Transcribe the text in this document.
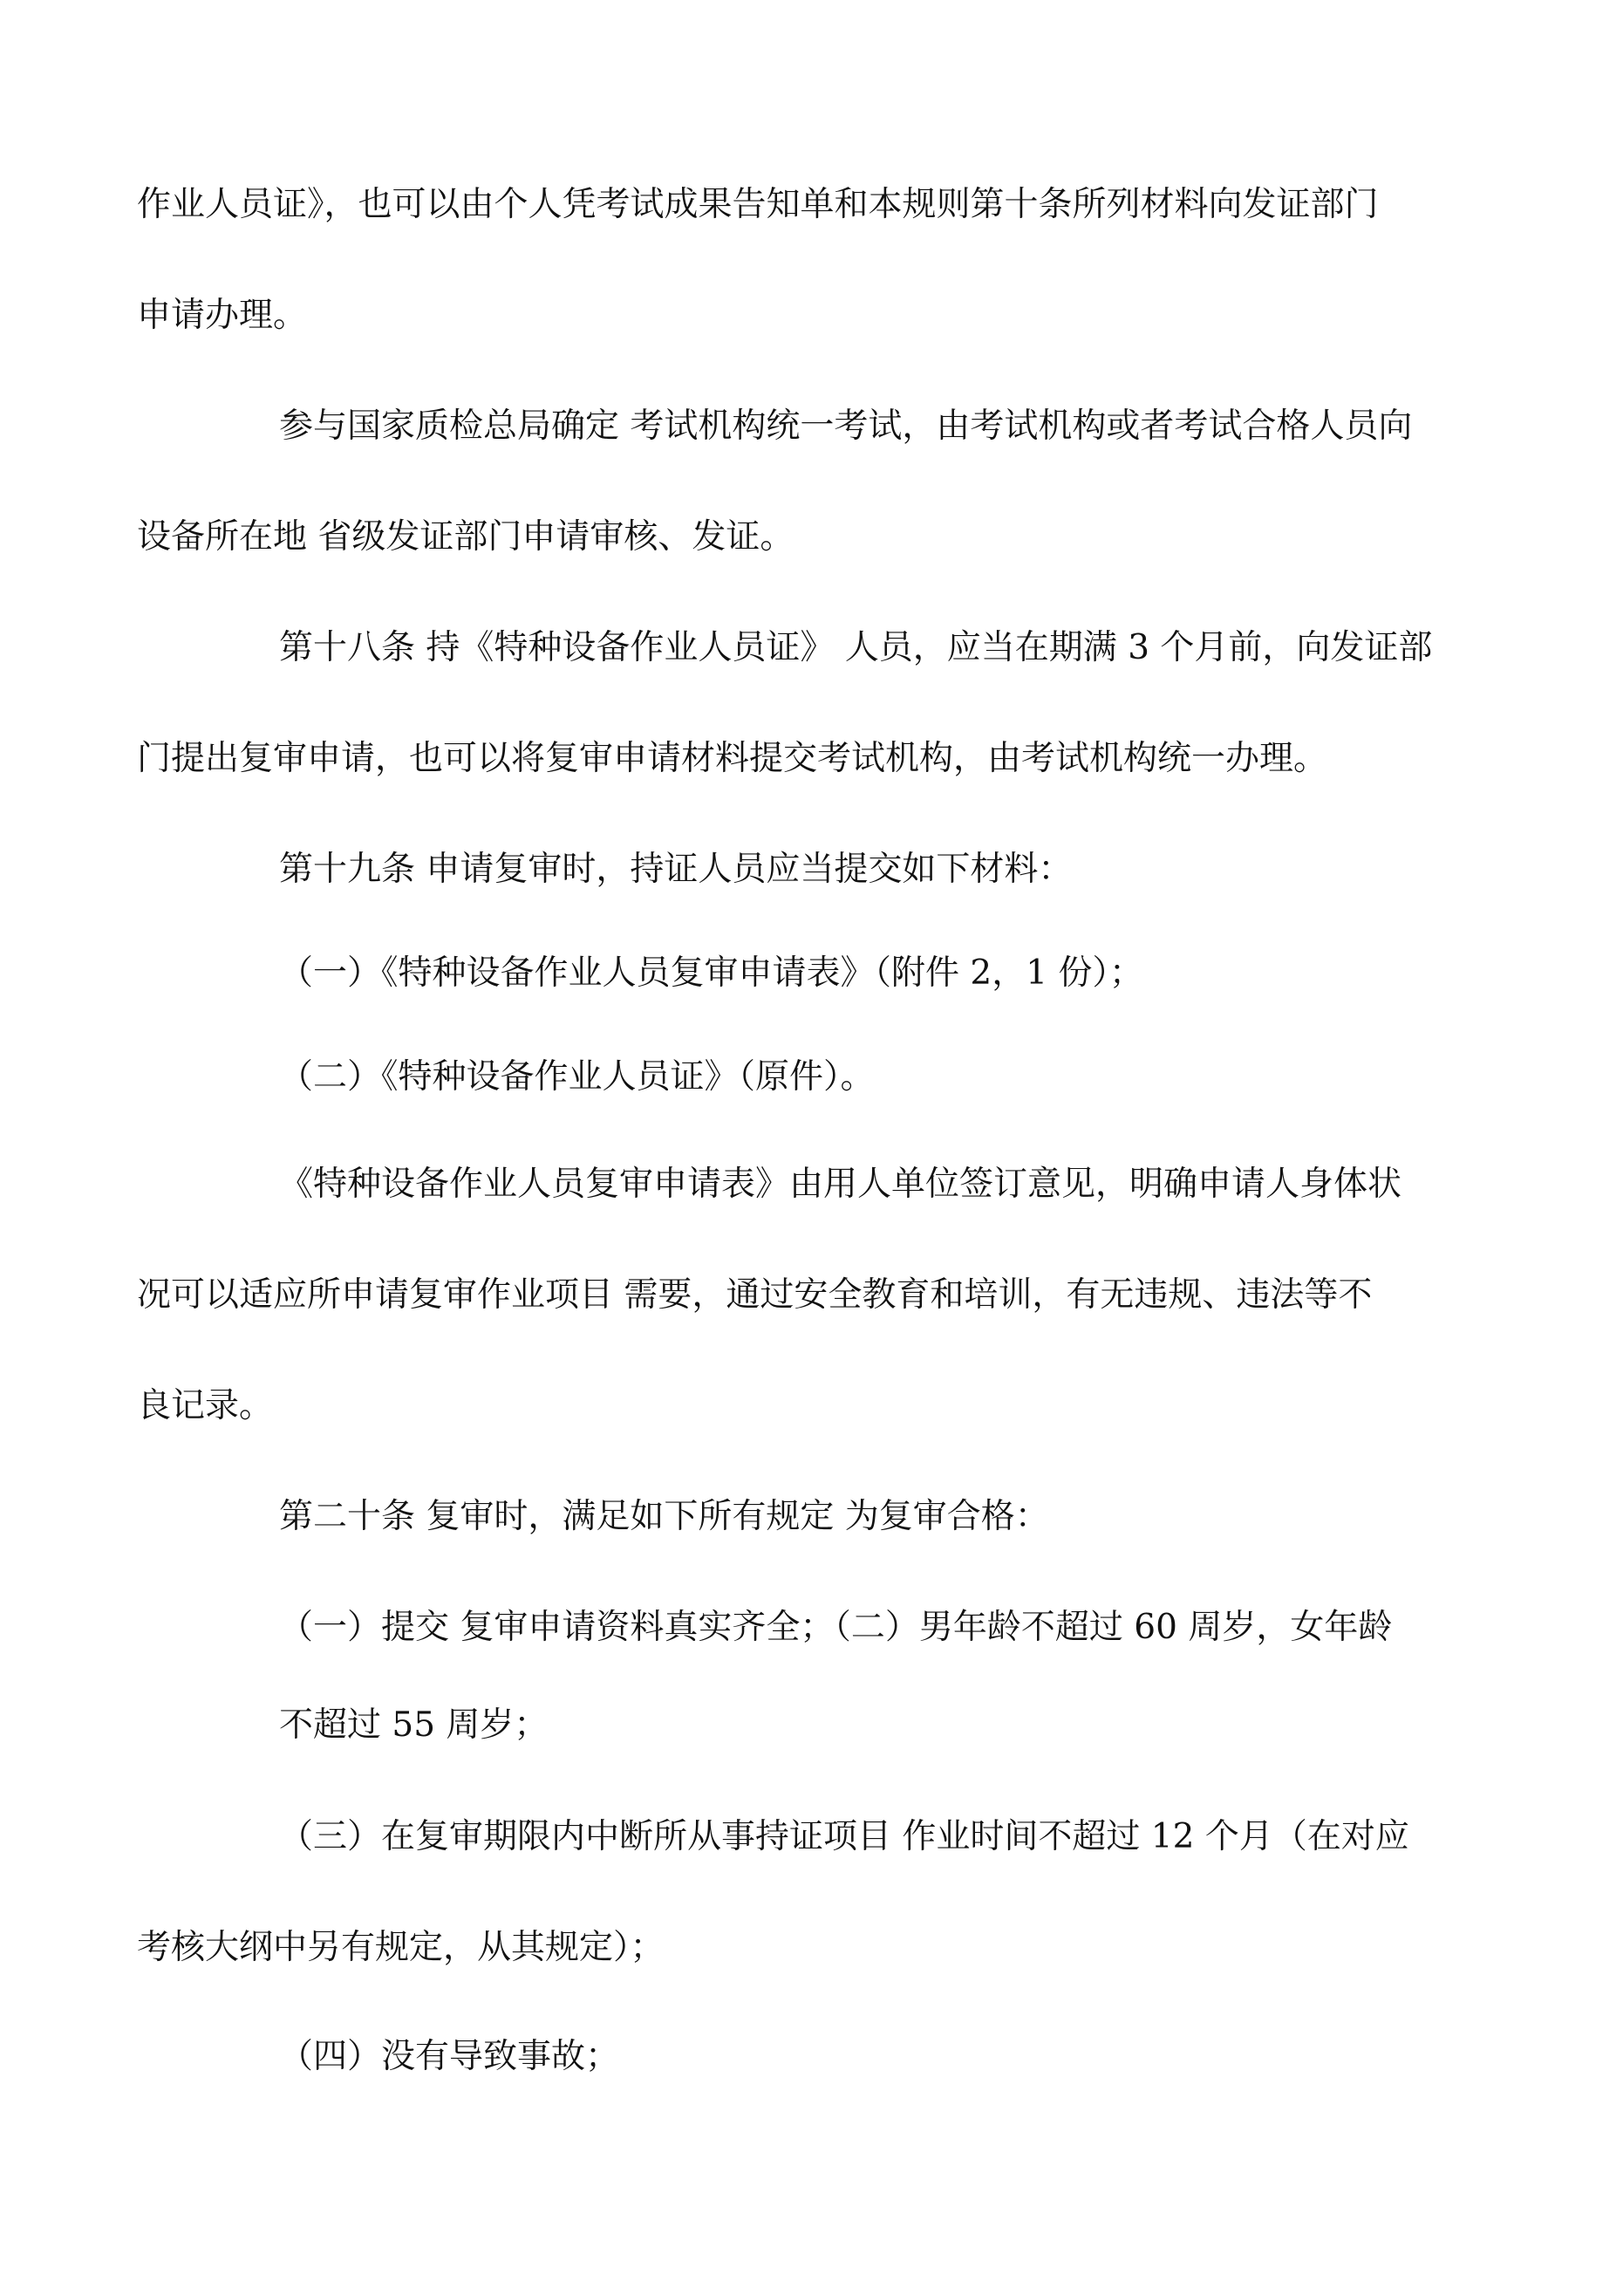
作业人员证》，也可以由个人凭考试成果告知单和本规则第十条所列材料向发证部门

申请办理。

参与国家质检总局确定 考试机构统一考试，由考试机构或者考试合格人员向

设备所在地 省级发证部门申请审核、发证。

第十八条 持《特种设备作业人员证》 人员，应当在期满 3 个月前，向发证部

门提出复审申请，也可以将复审申请材料提交考试机构，由考试机构统一办理。

第十九条 申请复审时，持证人员应当提交如下材料：

（一）《特种设备作业人员复审申请表》（附件 2，1 份）；

（二）《特种设备作业人员证》（原件）。

《特种设备作业人员复审申请表》由用人单位签订意见，明确申请人身体状

况可以适应所申请复审作业项目 需要，通过安全教育和培训，有无违规、违法等不

良记录。

第二十条 复审时，满足如下所有规定 为复审合格：

（一）提交 复审申请资料真实齐全；（二）男年龄不超过 60 周岁，女年龄

不超过 55 周岁；

（三）在复审期限内中断所从事持证项目 作业时间不超过 12 个月（在对应

考核大纲中另有规定，从其规定）；

（四）没有导致事故；
